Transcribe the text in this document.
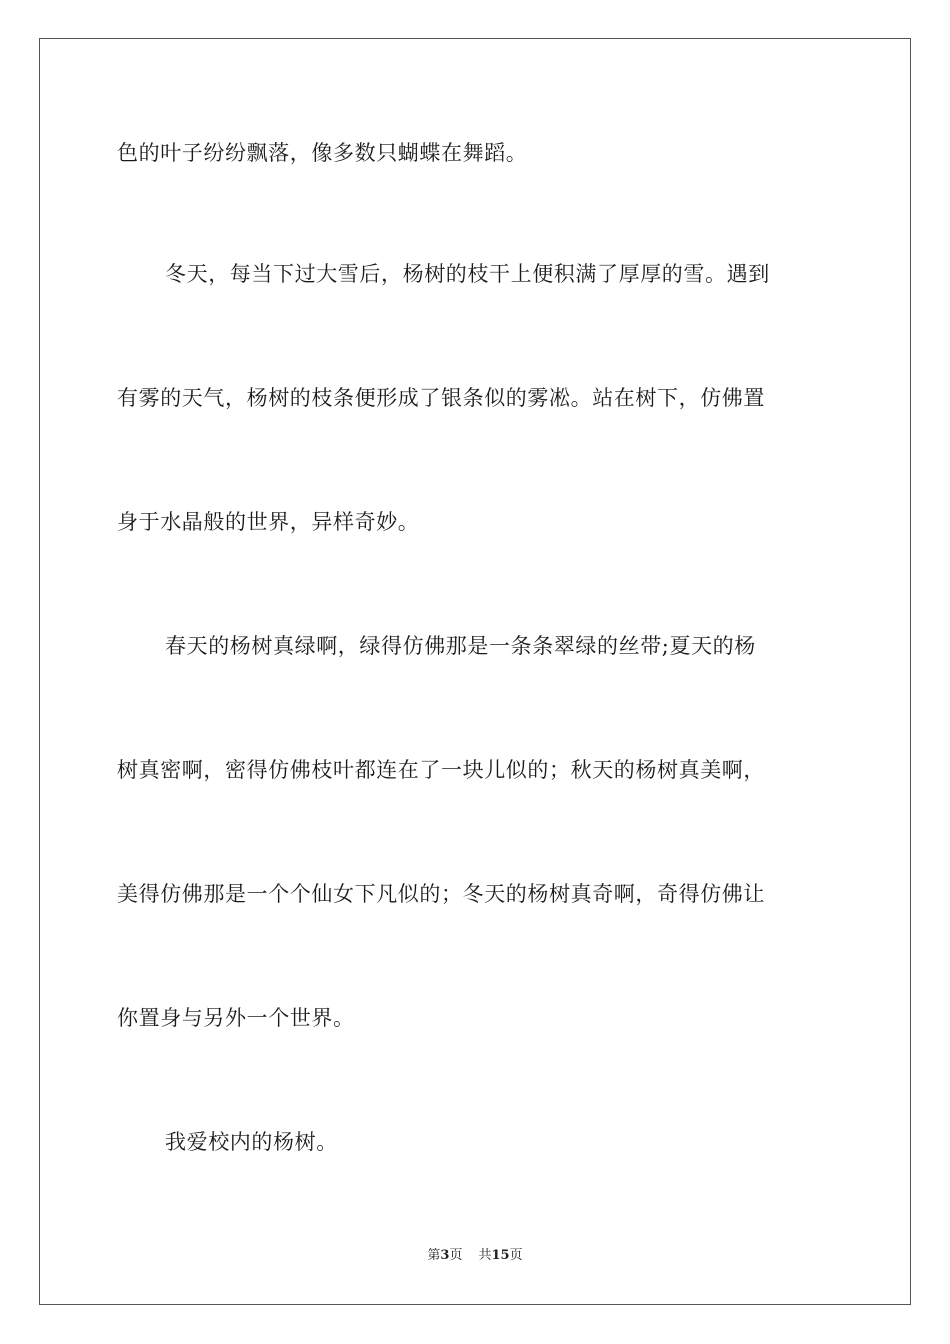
色的叶子纷纷飘落，像多数只蝴蝶在舞蹈。
冬天，每当下过大雪后，杨树的枝干上便积满了厚厚的雪。遇到
有雾的天气，杨树的枝条便形成了银条似的雾凇。站在树下，仿佛置
身于水晶般的世界，异样奇妙。
春天的杨树真绿啊，绿得仿佛那是一条条翠绿的丝带;夏天的杨
树真密啊，密得仿佛枝叶都连在了一块儿似的；秋天的杨树真美啊，
美得仿佛那是一个个仙女下凡似的；冬天的杨树真奇啊，奇得仿佛让
你置身与另外一个世界。
我爱校内的杨树。
第3页 共15页
